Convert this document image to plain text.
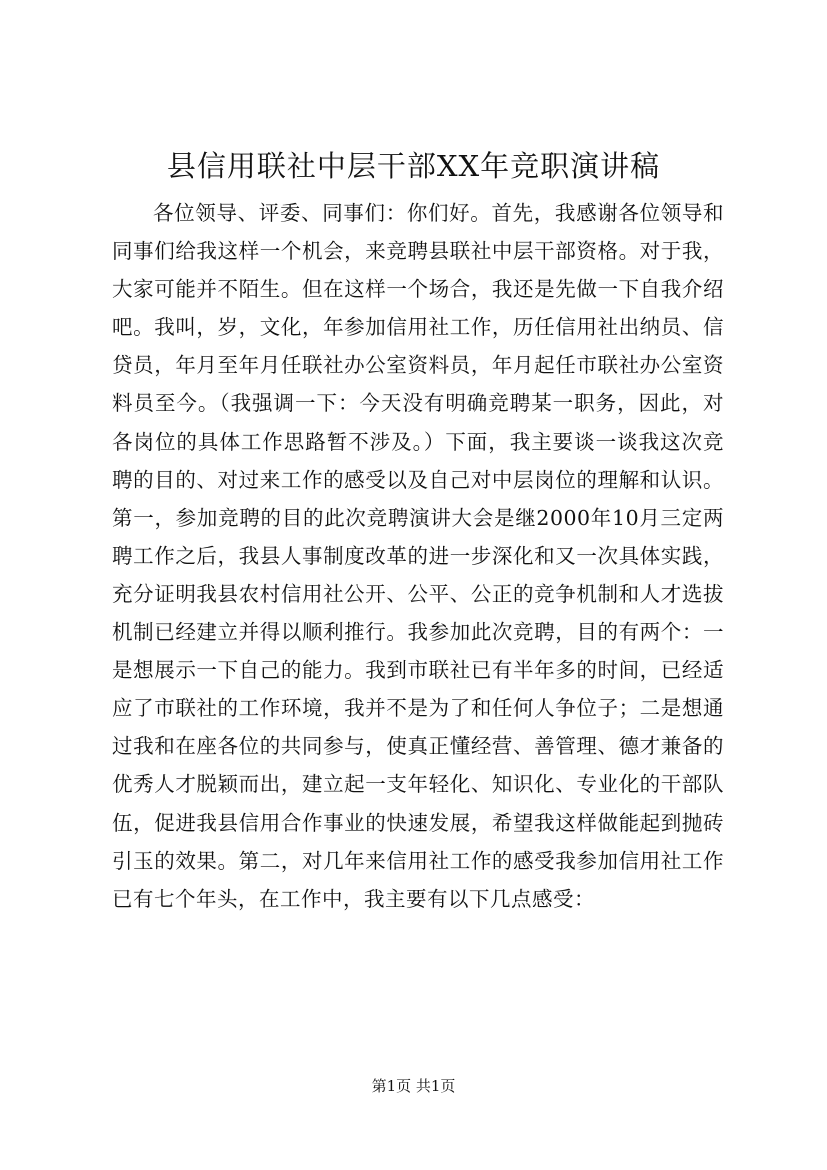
县信用联社中层干部XX年竞职演讲稿

各位领导、评委、同事们：你们好。首先，我感谢各位领导和同事们给我这样一个机会，来竞聘县联社中层干部资格。对于我，大家可能并不陌生。但在这样一个场合，我还是先做一下自我介绍吧。我叫，岁，文化，年参加信用社工作，历任信用社出纳员、信贷员，年月至年月任联社办公室资料员，年月起任市联社办公室资料员至今。（我强调一下：今天没有明确竞聘某一职务，因此，对各岗位的具体工作思路暂不涉及。）下面，我主要谈一谈我这次竞聘的目的、对过来工作的感受以及自己对中层岗位的理解和认识。第一，参加竞聘的目的此次竞聘演讲大会是继2000年10月三定两聘工作之后，我县人事制度改革的进一步深化和又一次具体实践，充分证明我县农村信用社公开、公平、公正的竞争机制和人才选拔机制已经建立并得以顺利推行。我参加此次竞聘，目的有两个：一是想展示一下自己的能力。我到市联社已有半年多的时间，已经适应了市联社的工作环境，我并不是为了和任何人争位子；二是想通过我和在座各位的共同参与，使真正懂经营、善管理、德才兼备的优秀人才脱颖而出，建立起一支年轻化、知识化、专业化的干部队伍，促进我县信用合作事业的快速发展，希望我这样做能起到抛砖引玉的效果。第二，对几年来信用社工作的感受我参加信用社工作已有七个年头，在工作中，我主要有以下几点感受：

第1页 共1页
